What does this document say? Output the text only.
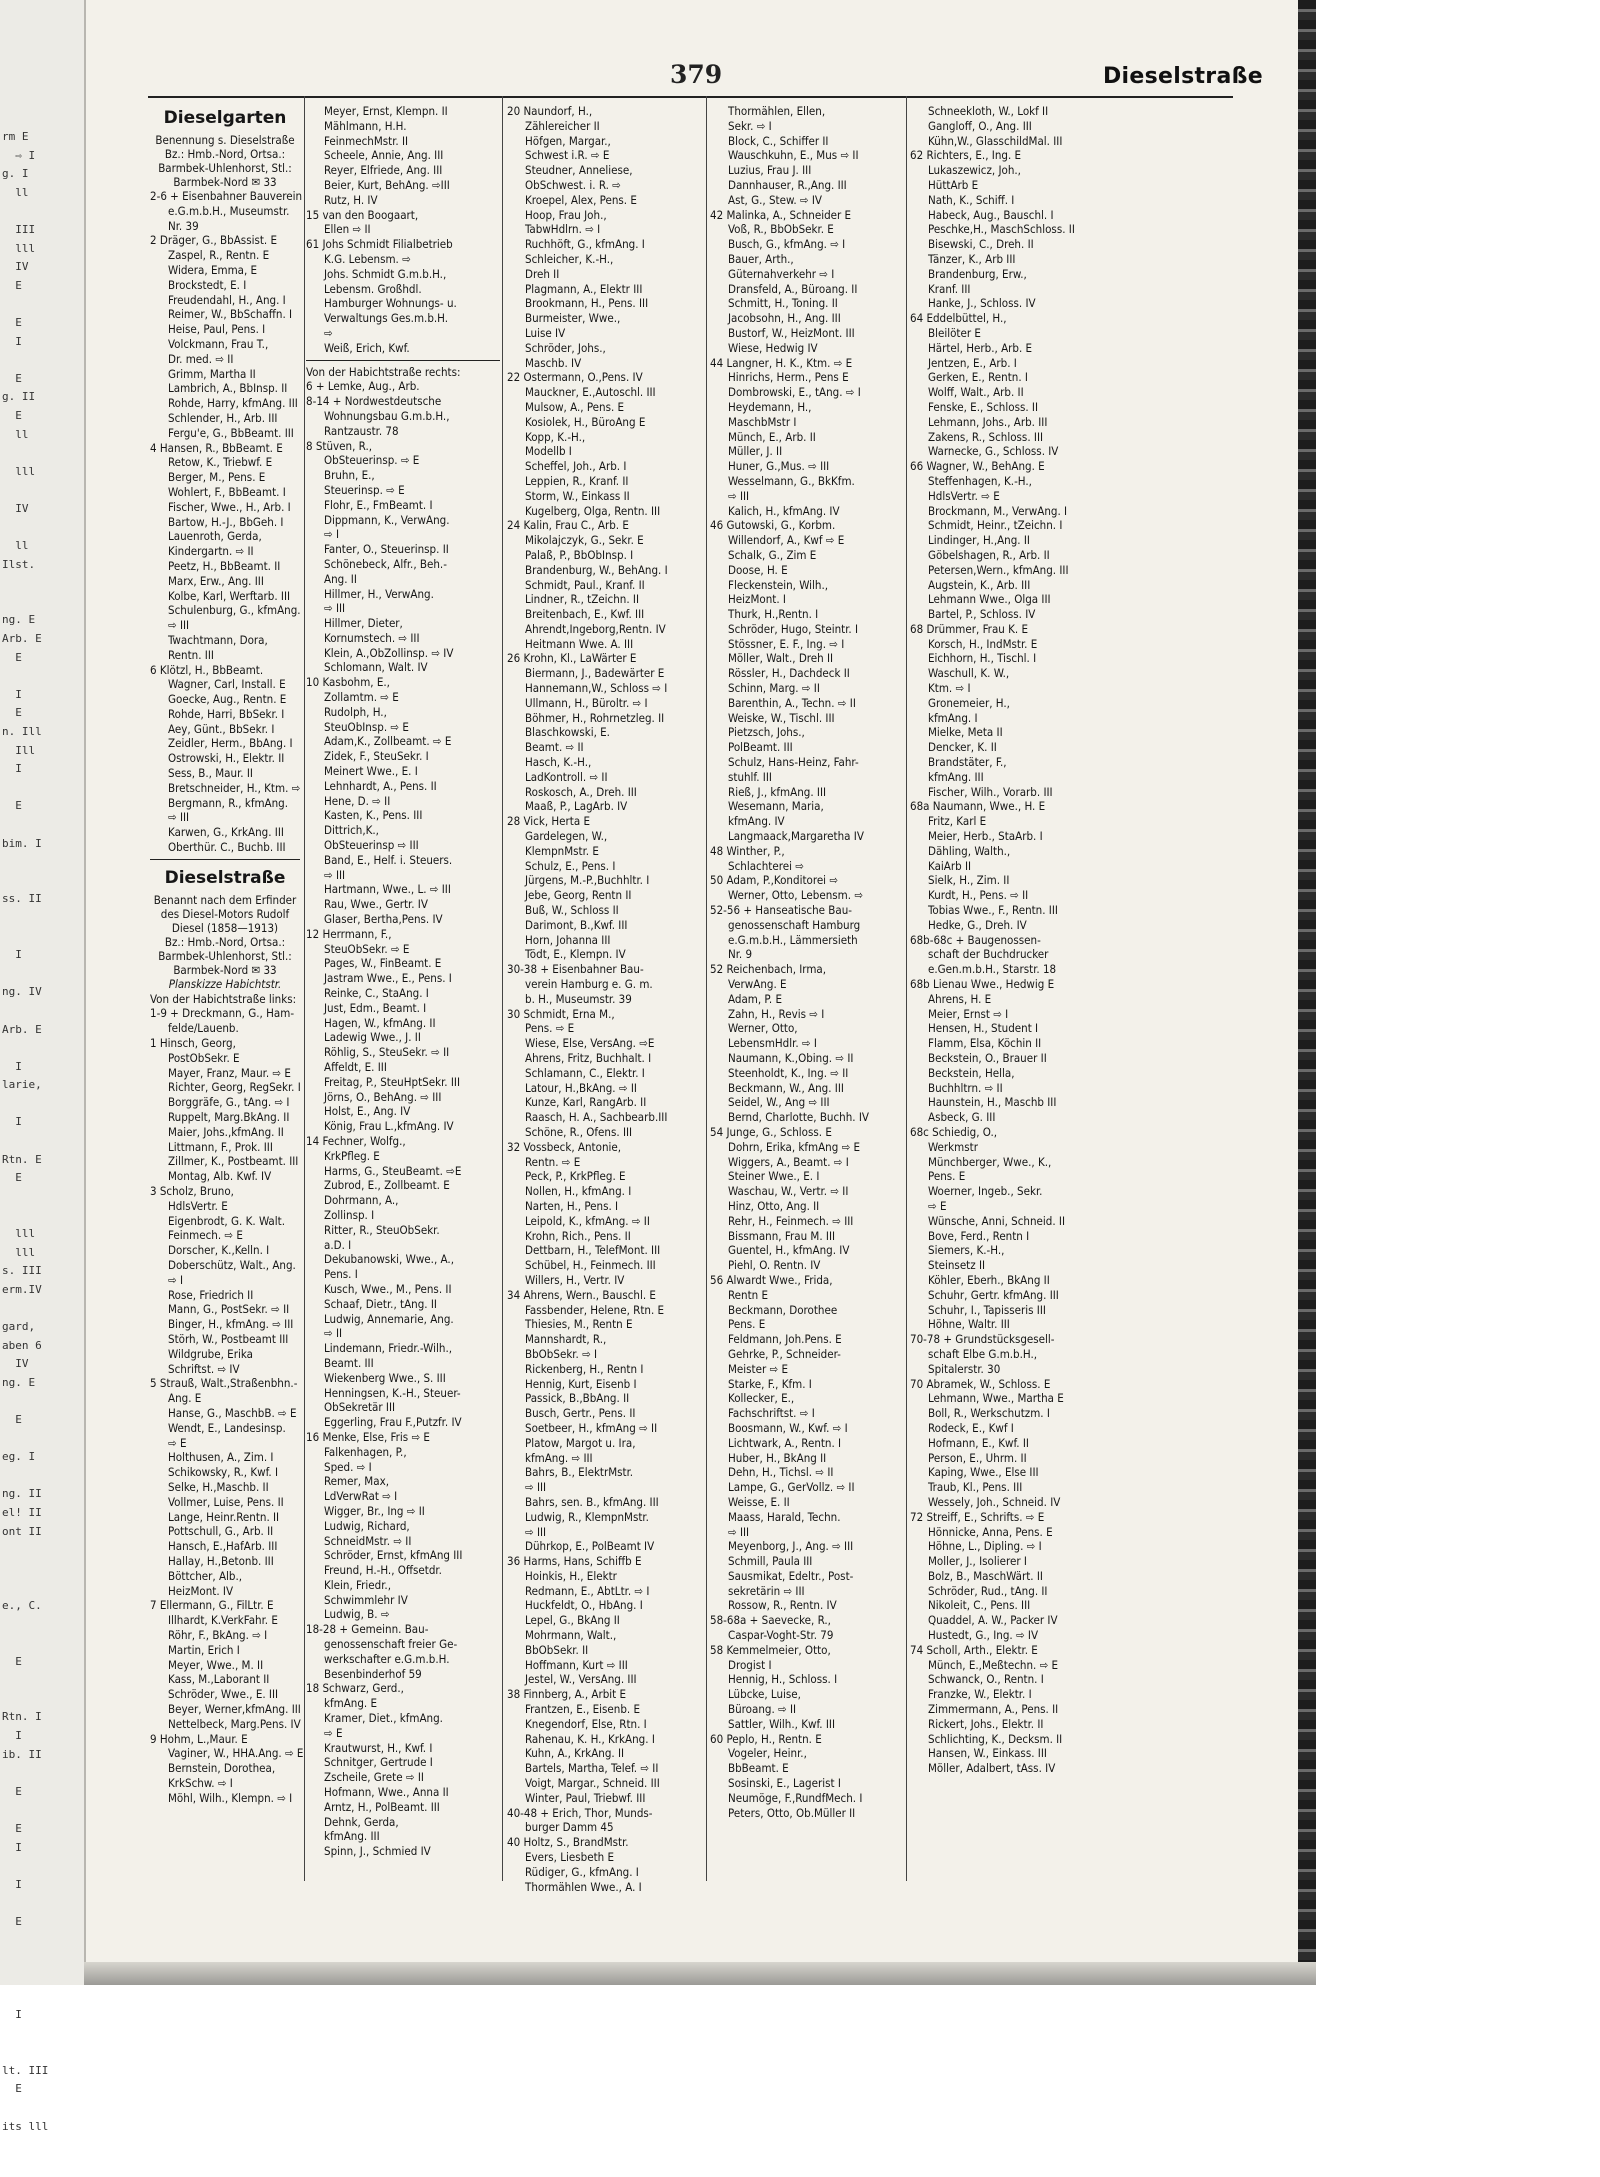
rm E
⇨ I
g. I
ll

III
lll
IV
E

E
I

E
g. II
E
ll

lll

IV

ll
Ilst.

ng. E
Arb. E
E

I
E
n. Ill
Ill
I

E

bim. I

ss. II

I

ng. IV

Arb. E

I
larie,

I

Rtn. E
E

lll
lll
s. III
erm.IV

gard,
aben 6
IV
ng. E

E

eg. I

ng. II
el! II
ont II

e., C.

E

Rtn. I
I
ib. II

E

E
I

I

E

I

lt. III
E

its lll
379	Dieselstraße
Dieselgarten
Benennung s. Dieselstraße
Bz.: Hmb.-Nord, Ortsa.:
Barmbek-Uhlenhorst, Stl.:
Barmbek-Nord ✉ 33
2-6 + Eisenbahner Bauverein
e.G.m.b.H., Museumstr.
Nr. 39
2 Dräger, G., BbAssist. E
Zaspel, R., Rentn. E
Widera, Emma, E
Brockstedt, E. I
Freudendahl, H., Ang. I
Reimer, W., BbSchaffn. I
Heise, Paul, Pens. I
Volckmann, Frau T.,
Dr. med. ⇨ II
Grimm, Martha II
Lambrich, A., BbInsp. II
Rohde, Harry, kfmAng. III
Schlender, H., Arb. III
Fergu'e, G., BbBeamt. III
4 Hansen, R., BbBeamt. E
Retow, K., Triebwf. E
Berger, M., Pens. E
Wohlert, F., BbBeamt. I
Fischer, Wwe., H., Arb. I
Bartow, H.-J., BbGeh. I
Lauenroth, Gerda,
Kindergartn. ⇨ II
Peetz, H., BbBeamt. II
Marx, Erw., Ang. III
Kolbe, Karl, Werftarb. III
Schulenburg, G., kfmAng.
⇨ III
Twachtmann, Dora,
Rentn. III
6 Klötzl, H., BbBeamt.
Wagner, Carl, Install. E
Goecke, Aug., Rentn. E
Rohde, Harri, BbSekr. I
Aey, Günt., BbSekr. I
Zeidler, Herm., BbAng. I
Ostrowski, H., Elektr. II
Sess, B., Maur. II
Bretschneider, H., Ktm. ⇨
Bergmann, R., kfmAng.
⇨ III
Karwen, G., KrkAng. III
Oberthür. C., Buchb. III
Dieselstraße
Benannt nach dem Erfinder
des Diesel-Motors Rudolf
Diesel (1858—1913)
Bz.: Hmb.-Nord, Ortsa.:
Barmbek-Uhlenhorst, Stl.:
Barmbek-Nord ✉ 33
Planskizze Habichtstr.
Von der Habichtstraße links:
1-9 + Dreckmann, G., Ham-
felde/Lauenb.
1 Hinsch, Georg,
PostObSekr. E
Mayer, Franz, Maur. ⇨ E
Richter, Georg, RegSekr. I
Borggräfe, G., tAng. ⇨ I
Ruppelt, Marg.BkAng. II
Maier, Johs.,kfmAng. II
Littmann, F., Prok. III
Zillmer, K., Postbeamt. III
Montag, Alb. Kwf. IV
3 Scholz, Bruno,
HdlsVertr. E
Eigenbrodt, G. K. Walt.
Feinmech. ⇨ E
Dorscher, K.,Kelln. I
Doberschütz, Walt., Ang.
⇨ I
Rose, Friedrich II
Mann, G., PostSekr. ⇨ II
Binger, H., kfmAng. ⇨ III
Störh, W., Postbeamt III
Wildgrube, Erika
Schriftst. ⇨ IV
5 Strauß, Walt.,Straßenbhn.-
Ang. E
Hanse, G., MaschbB. ⇨ E
Wendt, E., Landesinsp.
⇨ E
Holthusen, A., Zim. I
Schikowsky, R., Kwf. I
Selke, H.,Maschb. II
Vollmer, Luise, Pens. II
Lange, Heinr.Rentn. II
Pottschull, G., Arb. II
Hansch, E.,HafArb. III
Hallay, H.,Betonb. III
Böttcher, Alb.,
HeizMont. IV
7 Ellermann, G., FilLtr. E
Illhardt, K.VerkFahr. E
Röhr, F., BkAng. ⇨ I
Martin, Erich I
Meyer, Wwe., M. II
Kass, M.,Laborant II
Schröder, Wwe., E. III
Beyer, Werner,kfmAng. III
Nettelbeck, Marg.Pens. IV
9 Hohm, L.,Maur. E
Vaginer, W., HHA.Ang. ⇨ E
Bernstein, Dorothea,
KrkSchw. ⇨ I
Möhl, Wilh., Klempn. ⇨ I
Meyer, Ernst, Klempn. II
Mählmann, H.H.
FeinmechMstr. II
Scheele, Annie, Ang. III
Reyer, Elfriede, Ang. III
Beier, Kurt, BehAng. ⇨III
Rutz, H. IV
15 van den Boogaart,
Ellen ⇨ II
61 Johs Schmidt Filialbetrieb
K.G. Lebensm. ⇨
Johs. Schmidt G.m.b.H.,
Lebensm. Großhdl.
Hamburger Wohnungs- u.
Verwaltungs Ges.m.b.H.
⇨
Weiß, Erich, Kwf.
Von der Habichtstraße rechts:
6 + Lemke, Aug., Arb.
8-14 + Nordwestdeutsche
Wohnungsbau G.m.b.H.,
Rantzaustr. 78
8 Stüven, R.,
ObSteuerinsp. ⇨ E
Bruhn, E.,
Steuerinsp. ⇨ E
Flohr, E., FmBeamt. I
Dippmann, K., VerwAng.
⇨ I
Fanter, O., Steuerinsp. II
Schönebeck, Alfr., Beh.-
Ang. II
Hillmer, H., VerwAng.
⇨ III
Hillmer, Dieter,
Kornumstech. ⇨ III
Klein, A.,ObZollinsp. ⇨ IV
Schlomann, Walt. IV
10 Kasbohm, E.,
Zollamtm. ⇨ E
Rudolph, H.,
SteuObInsp. ⇨ E
Adam,K., Zollbeamt. ⇨ E
Zidek, F., SteuSekr. I
Meinert Wwe., E. I
Lehnhardt, A., Pens. II
Hene, D. ⇨ II
Kasten, K., Pens. III
Dittrich,K.,
ObSteuerinsp ⇨ III
Band, E., Helf. i. Steuers.
⇨ III
Hartmann, Wwe., L. ⇨ III
Rau, Wwe., Gertr. IV
Glaser, Bertha,Pens. IV
12 Herrmann, F.,
SteuObSekr. ⇨ E
Pages, W., FinBeamt. E
Jastram Wwe., E., Pens. I
Reinke, C., StaAng. I
Just, Edm., Beamt. I
Hagen, W., kfmAng. II
Ladewig Wwe., J. II
Röhlig, S., SteuSekr. ⇨ II
Affeldt, E. III
Freitag, P., SteuHptSekr. III
Jörns, O., BehAng. ⇨ III
Holst, E., Ang. IV
König, Frau L.,kfmAng. IV
14 Fechner, Wolfg.,
KrkPfleg. E
Harms, G., SteuBeamt. ⇨E
Zubrod, E., Zollbeamt. E
Dohrmann, A.,
Zollinsp. I
Ritter, R., SteuObSekr.
a.D. I
Dekubanowski, Wwe., A.,
Pens. I
Kusch, Wwe., M., Pens. II
Schaaf, Dietr., tAng. II
Ludwig, Annemarie, Ang.
⇨ II
Lindemann, Friedr.-Wilh.,
Beamt. III
Wiekenberg Wwe., S. III
Henningsen, K.-H., Steuer-
ObSekretär III
Eggerling, Frau F.,Putzfr. IV
16 Menke, Else, Fris ⇨ E
Falkenhagen, P.,
Sped. ⇨ I
Remer, Max,
LdVerwRat ⇨ I
Wigger, Br., Ing ⇨ II
Ludwig, Richard,
SchneidMstr. ⇨ II
Schröder, Ernst, kfmAng III
Freund, H.-H., Offsetdr.
Klein, Friedr.,
Schwimmlehr IV
Ludwig, B. ⇨
18-28 + Gemeinn. Bau-
genossenschaft freier Ge-
werkschafter e.G.m.b.H.
Besenbinderhof 59
18 Schwarz, Gerd.,
kfmAng. E
Kramer, Diet., kfmAng.
⇨ E
Krautwurst, H., Kwf. I
Schnitger, Gertrude I
Zscheile, Grete ⇨ II
Hofmann, Wwe., Anna II
Arntz, H., PolBeamt. III
Dehnk, Gerda,
kfmAng. III
Spinn, J., Schmied IV
20 Naundorf, H.,
Zählereicher II
Höfgen, Margar.,
Schwest i.R. ⇨ E
Steudner, Anneliese,
ObSchwest. i. R. ⇨
Kroepel, Alex, Pens. E
Hoop, Frau Joh.,
TabwHdlrn. ⇨ I
Ruchhöft, G., kfmAng. I
Schleicher, K.-H.,
Dreh II
Plagmann, A., Elektr III
Brookmann, H., Pens. III
Burmeister, Wwe.,
Luise IV
Schröder, Johs.,
Maschb. IV
22 Ostermann, O.,Pens. IV
Mauckner, E.,Autoschl. III
Mulsow, A., Pens. E
Kosiolek, H., BüroAng E
Kopp, K.-H.,
Modellb I
Scheffel, Joh., Arb. I
Leppien, R., Kranf. II
Storm, W., Einkass II
Kugelberg, Olga, Rentn. III
24 Kalin, Frau C., Arb. E
Mikolajczyk, G., Sekr. E
Palaß, P., BbObInsp. I
Brandenburg, W., BehAng. I
Schmidt, Paul., Kranf. II
Lindner, R., tZeichn. II
Breitenbach, E., Kwf. III
Ahrendt,Ingeborg,Rentn. IV
Heitmann Wwe. A. III
26 Krohn, Kl., LaWärter E
Biermann, J., Badewärter E
Hannemann,W., Schloss ⇨ I
Ullmann, H., Büroltr. ⇨ I
Böhmer, H., Rohrnetzleg. II
Blaschkowski, E.
Beamt. ⇨ II
Hasch, K.-H.,
LadKontroll. ⇨ II
Roskosch, A., Dreh. III
Maaß, P., LagArb. IV
28 Vick, Herta E
Gardelegen, W.,
KlempnMstr. E
Schulz, E., Pens. I
Jürgens, M.-P.,Buchhltr. I
Jebe, Georg, Rentn II
Buß, W., Schloss II
Darimont, B.,Kwf. III
Horn, Johanna III
Tödt, E., Klempn. IV
30-38 + Eisenbahner Bau-
verein Hamburg e. G. m.
b. H., Museumstr. 39
30 Schmidt, Erna M.,
Pens. ⇨ E
Wiese, Else, VersAng. ⇨E
Ahrens, Fritz, Buchhalt. I
Schlamann, C., Elektr. I
Latour, H.,BkAng. ⇨ II
Kunze, Karl, RangArb. II
Raasch, H. A., Sachbearb.III
Schöne, R., Ofens. III
32 Vossbeck, Antonie,
Rentn. ⇨ E
Peck, P., KrkPfleg. E
Nollen, H., kfmAng. I
Narten, H., Pens. I
Leipold, K., kfmAng. ⇨ II
Krohn, Rich., Pens. II
Dettbarn, H., TelefMont. III
Schübel, H., Feinmech. III
Willers, H., Vertr. IV
34 Ahrens, Wern., Bauschl. E
Fassbender, Helene, Rtn. E
Thiesies, M., Rentn E
Mannshardt, R.,
BbObSekr. ⇨ I
Rickenberg, H., Rentn I
Hennig, Kurt, Eisenb I
Passick, B.,BbAng. II
Busch, Gertr., Pens. II
Soetbeer, H., kfmAng ⇨ II
Platow, Margot u. Ira,
kfmAng. ⇨ III
Bahrs, B., ElektrMstr.
⇨ III
Bahrs, sen. B., kfmAng. III
Ludwig, R., KlempnMstr.
⇨ III
Dührkop, E., PolBeamt IV
36 Harms, Hans, Schiffb E
Hoinkis, H., Elektr
Redmann, E., AbtLtr. ⇨ I
Huckfeldt, O., HbAng. I
Lepel, G., BkAng II
Mohrmann, Walt.,
BbObSekr. II
Hoffmann, Kurt ⇨ III
Jestel, W., VersAng. III
38 Finnberg, A., Arbit E
Frantzen, E., Eisenb. E
Knegendorf, Else, Rtn. I
Rahenau, K. H., KrkAng. I
Kuhn, A., KrkAng. II
Bartels, Martha, Telef. ⇨ II
Voigt, Margar., Schneid. III
Winter, Paul, Triebwf. III
40-48 + Erich, Thor, Munds-
burger Damm 45
40 Holtz, S., BrandMstr.
Evers, Liesbeth E
Rüdiger, G., kfmAng. I
Thormählen Wwe., A. I
Thormählen, Ellen,
Sekr. ⇨ I
Block, C., Schiffer II
Wauschkuhn, E., Mus ⇨ II
Luzius, Frau J. III
Dannhauser, R.,Ang. III
Ast, G., Stew. ⇨ IV
42 Malinka, A., Schneider E
Voß, R., BbObSekr. E
Busch, G., kfmAng. ⇨ I
Bauer, Arth.,
Güternahverkehr ⇨ I
Dransfeld, A., Büroang. II
Schmitt, H., Toning. II
Jacobsohn, H., Ang. III
Bustorf, W., HeizMont. III
Wiese, Hedwig IV
44 Langner, H. K., Ktm. ⇨ E
Hinrichs, Herm., Pens E
Dombrowski, E., tAng. ⇨ I
Heydemann, H.,
MaschbMstr I
Münch, E., Arb. II
Müller, J. II
Huner, G.,Mus. ⇨ III
Wesselmann, G., BkKfm.
⇨ III
Kalich, H., kfmAng. IV
46 Gutowski, G., Korbm.
Willendorf, A., Kwf ⇨ E
Schalk, G., Zim E
Doose, H. E
Fleckenstein, Wilh.,
HeizMont. I
Thurk, H.,Rentn. I
Schröder, Hugo, Steintr. I
Stössner, E. F., Ing. ⇨ I
Möller, Walt., Dreh II
Rössler, H., Dachdeck II
Schinn, Marg. ⇨ II
Barenthin, A., Techn. ⇨ II
Weiske, W., Tischl. III
Pietzsch, Johs.,
PolBeamt. III
Schulz, Hans-Heinz, Fahr-
stuhlf. III
Rieß, J., kfmAng. III
Wesemann, Maria,
kfmAng. IV
Langmaack,Margaretha IV
48 Winther, P.,
Schlachterei ⇨
50 Adam, P.,Konditorei ⇨
Werner, Otto, Lebensm. ⇨
52-56 + Hanseatische Bau-
genossenschaft Hamburg
e.G.m.b.H., Lämmersieth
Nr. 9
52 Reichenbach, Irma,
VerwAng. E
Adam, P. E
Zahn, H., Revis ⇨ I
Werner, Otto,
LebensmHdlr. ⇨ I
Naumann, K.,Obing. ⇨ II
Steenholdt, K., Ing. ⇨ II
Beckmann, W., Ang. III
Seidel, W., Ang ⇨ III
Bernd, Charlotte, Buchh. IV
54 Junge, G., Schloss. E
Dohrn, Erika, kfmAng ⇨ E
Wiggers, A., Beamt. ⇨ I
Steiner Wwe., E. I
Waschau, W., Vertr. ⇨ II
Hinz, Otto, Ang. II
Rehr, H., Feinmech. ⇨ III
Bissmann, Frau M. III
Guentel, H., kfmAng. IV
Piehl, O. Rentn. IV
56 Alwardt Wwe., Frida,
Rentn E
Beckmann, Dorothee
Pens. E
Feldmann, Joh.Pens. E
Gehrke, P., Schneider-
Meister ⇨ E
Starke, F., Kfm. I
Kollecker, E.,
Fachschriftst. ⇨ I
Boosmann, W., Kwf. ⇨ I
Lichtwark, A., Rentn. I
Huber, H., BkAng II
Dehn, H., Tichsl. ⇨ II
Lampe, G., GerVollz. ⇨ II
Weisse, E. II
Maass, Harald, Techn.
⇨ III
Meyenborg, J., Ang. ⇨ III
Schmill, Paula III
Sausmikat, Edeltr., Post-
sekretärin ⇨ III
Rossow, R., Rentn. IV
58-68a + Saevecke, R.,
Caspar-Voght-Str. 79
58 Kemmelmeier, Otto,
Drogist I
Hennig, H., Schloss. I
Lübcke, Luise,
Büroang. ⇨ II
Sattler, Wilh., Kwf. III
60 Peplo, H., Rentn. E
Vogeler, Heinr.,
BbBeamt. E
Sosinski, E., Lagerist I
Neumöge, F.,RundfMech. I
Peters, Otto, Ob.Müller II
Schneekloth, W., Lokf II
Gangloff, O., Ang. III
Kühn,W., GlasschildMal. III
62 Richters, E., Ing. E
Lukaszewicz, Joh.,
HüttArb E
Nath, K., Schiff. I
Habeck, Aug., Bauschl. I
Peschke,H., MaschSchloss. II
Bisewski, C., Dreh. II
Tänzer, K., Arb III
Brandenburg, Erw.,
Kranf. III
Hanke, J., Schloss. IV
64 Eddelbüttel, H.,
Bleilöter E
Härtel, Herb., Arb. E
Jentzen, E., Arb. I
Gerken, E., Rentn. I
Wolff, Walt., Arb. II
Fenske, E., Schloss. II
Lehmann, Johs., Arb. III
Zakens, R., Schloss. III
Warnecke, G., Schloss. IV
66 Wagner, W., BehAng. E
Steffenhagen, K.-H.,
HdlsVertr. ⇨ E
Brockmann, M., VerwAng. I
Schmidt, Heinr., tZeichn. I
Lindinger, H.,Ang. II
Göbelshagen, R., Arb. II
Petersen,Wern., kfmAng. III
Augstein, K., Arb. III
Lehmann Wwe., Olga III
Bartel, P., Schloss. IV
68 Drümmer, Frau K. E
Korsch, H., IndMstr. E
Eichhorn, H., Tischl. I
Waschull, K. W.,
Ktm. ⇨ I
Gronemeier, H.,
kfmAng. I
Mielke, Meta II
Dencker, K. II
Brandstäter, F.,
kfmAng. III
Fischer, Wilh., Vorarb. III
68a Naumann, Wwe., H. E
Fritz, Karl E
Meier, Herb., StaArb. I
Dähling, Walth.,
KaiArb II
Sielk, H., Zim. II
Kurdt, H., Pens. ⇨ II
Tobias Wwe., F., Rentn. III
Hedke, G., Dreh. IV
68b-68c + Baugenossen-
schaft der Buchdrucker
e.Gen.m.b.H., Starstr. 18
68b Lienau Wwe., Hedwig E
Ahrens, H. E
Meier, Ernst ⇨ I
Hensen, H., Student I
Flamm, Elsa, Köchin II
Beckstein, O., Brauer II
Beckstein, Hella,
Buchhltrn. ⇨ II
Haunstein, H., Maschb III
Asbeck, G. III
68c Schiedig, O.,
Werkmstr
Münchberger, Wwe., K.,
Pens. E
Woerner, Ingeb., Sekr.
⇨ E
Wünsche, Anni, Schneid. II
Bove, Ferd., Rentn I
Siemers, K.-H.,
Steinsetz II
Köhler, Eberh., BkAng II
Schuhr, Gertr. kfmAng. III
Schuhr, I., Tapisseris III
Höhne, Waltr. III
70-78 + Grundstücksgesell-
schaft Elbe G.m.b.H.,
Spitalerstr. 30
70 Abramek, W., Schloss. E
Lehmann, Wwe., Martha E
Boll, R., Werkschutzm. I
Rodeck, E., Kwf I
Hofmann, E., Kwf. II
Person, E., Uhrm. II
Kaping, Wwe., Else III
Traub, Kl., Pens. III
Wessely, Joh., Schneid. IV
72 Streiff, E., Schrifts. ⇨ E
Hönnicke, Anna, Pens. E
Höhne, L., Dipling. ⇨ I
Moller, J., Isolierer I
Bolz, B., MaschWärt. II
Schröder, Rud., tAng. II
Nikoleit, C., Pens. III
Quaddel, A. W., Packer IV
Hustedt, G., Ing. ⇨ IV
74 Scholl, Arth., Elektr. E
Münch, E.,Meßtechn. ⇨ E
Schwanck, O., Rentn. I
Franzke, W., Elektr. I
Zimmermann, A., Pens. II
Rickert, Johs., Elektr. II
Schlichting, K., Decksm. II
Hansen, W., Einkass. III
Möller, Adalbert, tAss. IV
